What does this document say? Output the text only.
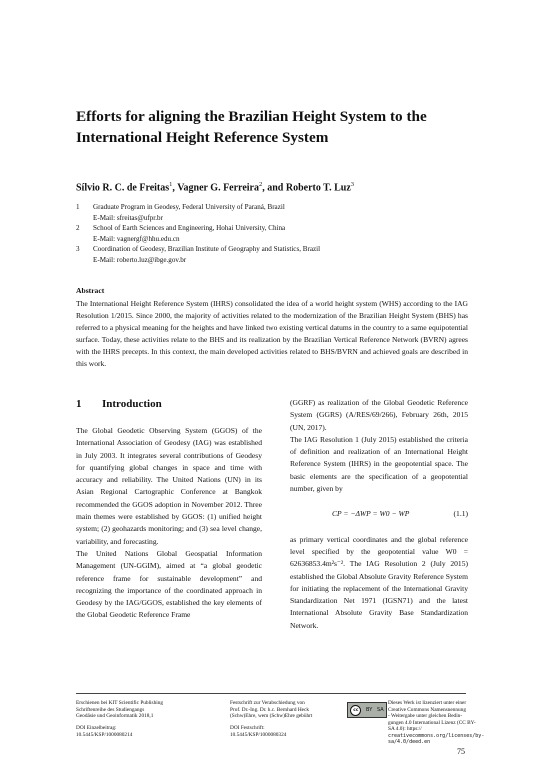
Efforts for aligning the Brazilian Height System to the International Height Reference System
Sílvio R. C. de Freitas$^1$, Vagner G. Ferreira$^2$, and Roberto T. Luz$^3$
1	Graduate Program in Geodesy, Federal University of Paraná, Brazil
E-Mail: sfreitas@ufpr.br
2	School of Earth Sciences and Engineering, Hohai University, China
E-Mail: vagnergf@hhu.edu.cn
3	Coordination of Geodesy, Brazilian Institute of Geography and Statistics, Brazil
E-Mail: roberto.luz@ibge.gov.br
Abstract

The International Height Reference System (IHRS) consolidated the idea of a world height system (WHS) according to the IAG Resolution 1/2015. Since 2000, the majority of activities related to the modernization of the Brazilian Height System (BHS) has referred to a physical meaning for the heights and have linked two existing vertical datums in the country to a same equipotential surface. Today, these activities relate to the BHS and its realization by the Brazilian Vertical Reference Network (BVRN) agrees with the IHRS precepts. In this context, the main developed activities related to BHS/BVRN and achieved goals are described in this work.

1	Introduction

The Global Geodetic Observing System (GGOS) of the International Association of Geodesy (IAG) was established in July 2003. It integrates several contributions of Geodesy for quantifying global changes in space and time with accuracy and reliability. The United Nations (UN) in its Asian Regional Cartographic Conference at Bangkok recommended the GGOS adoption in November 2012. Three main themes were established by GGOS: (1) unified height system; (2) geohazards monitoring; and (3) sea level change, variability, and forecasting.

The United Nations Global Geospatial Information Management (UN-GGIM), aimed at “a global geodetic reference frame for sustainable development” and recognizing the importance of the coordinated approach in Geodesy by the IAG/GGOS, established the key elements of the Global Geodetic Reference Frame

(GGRF) as realization of the Global Geodetic Reference System (GGRS) (A/RES/69/266), February 26th, 2015 (UN, 2017).

The IAG Resolution 1 (July 2015) established the criteria of definition and realization of an International Height Reference System (IHRS) in the geopotential space. The basic elements are the specification of a geopotential number, given by

CP = −ΔWP = W0 − WP	(1.1)

as primary vertical coordinates and the global reference level specified by the geopotential value W0 = 62636853.4m²s⁻². The IAG Resolution 2 (July 2015) established the Global Absolute Gravity Reference System for initiating the replacement of the International Gravity Standardization Net 1971 (IGSN71) and the latest International Absolute Gravity Base Standardization Network.

Erschienen bei KIT Scientific Publishing
Schriftenreihe des Studiengangs
Geodäsie und Geoinformatik 2018,1
DOI Einzelbeitrag:
10.5445/KSP/1000080214
Festschrift zur Verabschiedung von
Prof. Dr.-Ing. Dr. h.c. Bernhard Heck
(Schw)Ehre, wem (Schw)Ehre gebührt
DOI Festschrift:
10.5445/KSP/1000080324
cc	BY SA
Dieses Werk ist lizenziert unter einer
Creative Commons Namensnennung
- Weitergabe unter gleichen Bedin-
gungen 4.0 International Lizenz (CC BY-SA 4.0): https://
creativecommons.org/licenses/by-sa/4.0/deed.en
75
